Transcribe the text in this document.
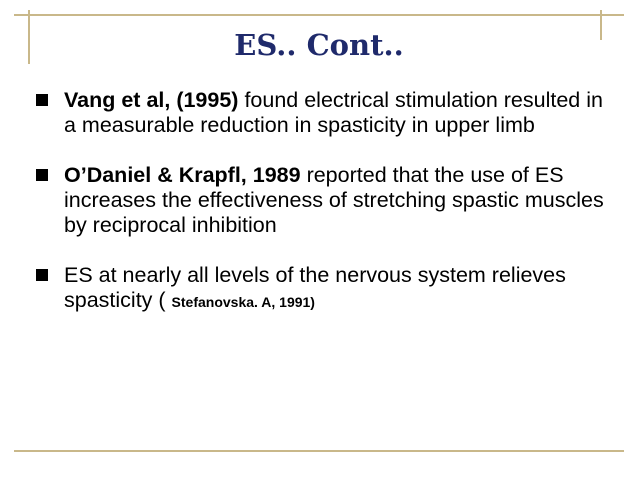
ES.. Cont..
Vang et al, (1995) found electrical stimulation resulted in a measurable reduction in spasticity in upper limb
O’Daniel & Krapfl, 1989 reported that the use of ES increases the effectiveness of stretching spastic muscles by reciprocal inhibition
ES at nearly all levels of the nervous system relieves spasticity ( Stefanovska. A, 1991)
